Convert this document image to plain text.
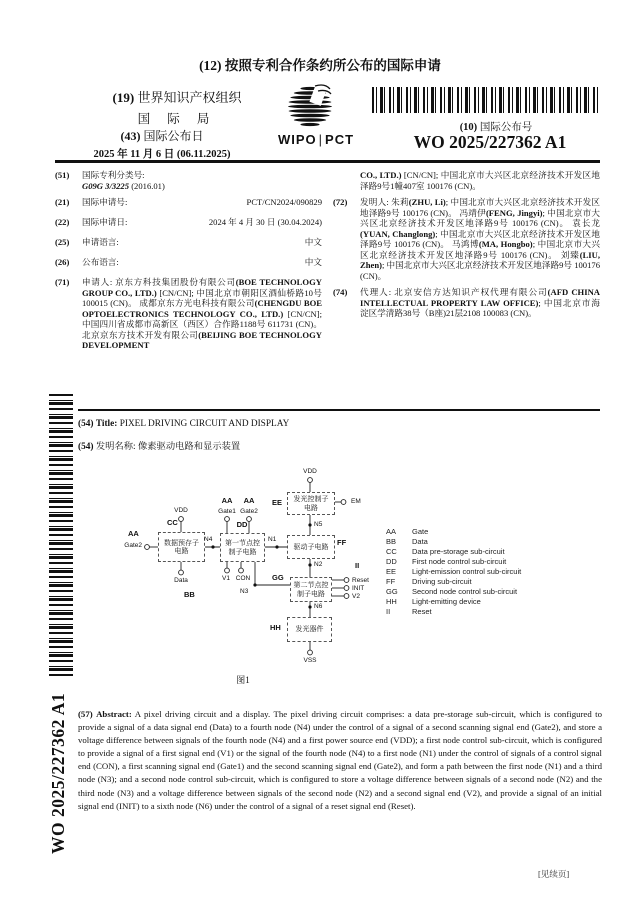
(12) 按照专利合作条约所公布的国际申请
(19) 世界知识产权组织
国 际 局
(43) 国际公布日
2025 年 11 月 6 日 (06.11.2025)
WIPO | PCT
(10) 国际公布号
WO 2025/227362 A1
(51) 国际专利分类号:
G09G 3/3225 (2016.01)
(21) 国际申请号:	PCT/CN2024/090829
(22) 国际申请日:	2024 年 4 月 30 日 (30.04.2024)
(25) 申请语言:	中文
(26) 公布语言:	中文
(71) 申请人: 京东方科技集团股份有限公司(BOE TECHNOLOGY GROUP CO., LTD.) [CN/CN]; 中国北京市朝阳区酒仙桥路10号 100015 (CN)。 成都京东方光电科技有限公司(CHENGDU BOE OPTOELECTRONICS TECHNOLOGY CO., LTD.) [CN/CN]; 中国四川省成都市高新区（西区）合作路1188号 611731 (CN)。 北京京东方技术开发有限公司(BEIJING BOE TECHNOLOGY DEVELOPMENT
CO., LTD.) [CN/CN]; 中国北京市大兴区北京经济技术开发区地泽路9号1幢407室 100176 (CN)。
(72) 发明人: 朱莉(ZHU, Li); 中国北京市大兴区北京经济技术开发区地泽路9号 100176 (CN)。 冯靖伊(FENG, Jingyi); 中国北京市大兴区北京经济技术开发区地泽路9号 100176 (CN)。 袁长龙(YUAN, Changlong); 中国北京市大兴区北京经济技术开发区地泽路9号 100176 (CN)。 马鸿博(MA, Hongbo); 中国北京市大兴区北京经济技术开发区地泽路9号 100176 (CN)。 刘臻(LIU, Zhen); 中国北京市大兴区北京经济技术开发区地泽路9号 100176 (CN)。
(74) 代理人: 北京安信方达知识产权代理有限公司(AFD CHINA INTELLECTUAL PROPERTY LAW OFFICE); 中国北京市海淀区学清路38号（B座)21层2108 100083 (CN)。
(54) Title: PIXEL DRIVING CIRCUIT AND DISPLAY
(54) 发明名称: 像素驱动电路和显示装置
数据预存子
电路
第一节点控
制子电路
发光控制子
电路
驱动子电路
第二节点控
制子电路
发光器件
AA
Gate2
VDD
CC
Data
BB
AA AA
Gate1 Gate2
DD
N4	N1
VDD
EE	EM
N5
FF
N2	II
V1 CON
N3
GG	Reset
INIT
V2
N6
HH
VSS
图1
AA Gate
BB Data
CC Data pre-storage sub-circuit
DD First node control sub-circuit
EE Light-emission control sub-circuit
FF Driving sub-circuit
GG Second node control sub-circuit
HH Light-emitting device
II	Reset
(57) Abstract: A pixel driving circuit and a display. The pixel driving circuit comprises: a data pre-storage sub-circuit, which is configured to provide a signal of a data signal end (Data) to a fourth node (N4) under the control of a signal of a second scanning signal end (Gate2), and store a voltage difference between signals of the fourth node (N4) and a first power source end (VDD); a first node control sub-circuit, which is configured to provide a signal of a first signal end (V1) or the signal of the fourth node (N4) to a first node (N1) under the control of signals of a control signal end (CON), a first scanning signal end (Gate1) and the second scanning signal end (Gate2), and form a path between the first node (N1) and a third node (N3); and a second node control sub-circuit, which is configured to store a voltage difference between signals of a second node (N2) and the third node (N3) and a voltage difference between signals of the second node (N2) and a second signal end (V2), and provide a signal of an initial signal end (INIT) to a sixth node (N6) under the control of a signal of a reset signal end (Reset).
[见续页]
WO 2025/227362 A1
